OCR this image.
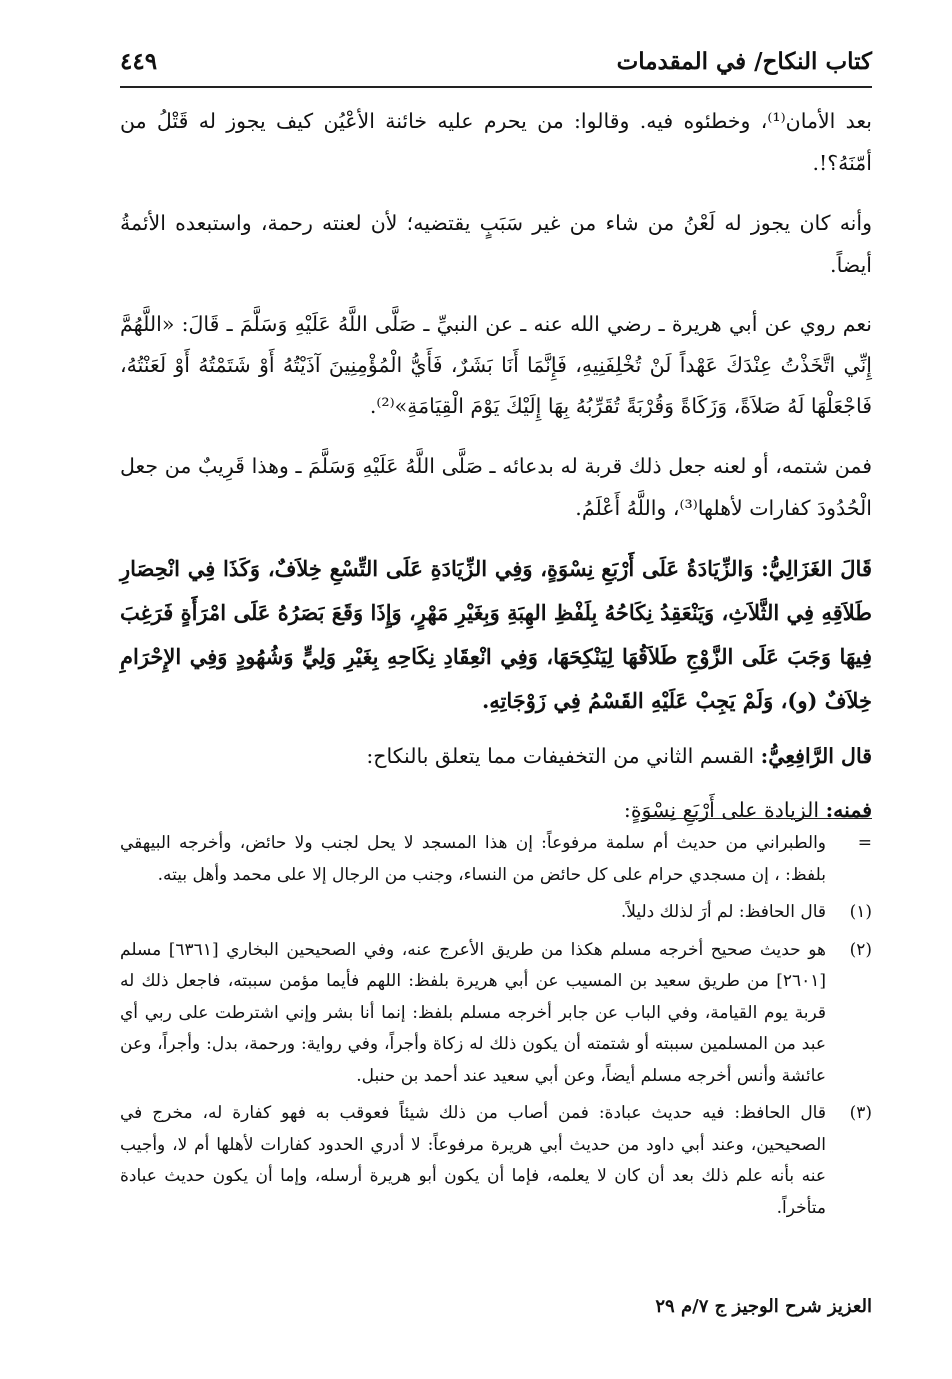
كتاب النكاح/ في المقدمات
٤٤٩

بعد الأمان⁽¹⁾، وخطئوه فيه. وقالوا: من يحرم عليه خائنة الأعْيُن كيف يجوز له قَتْلُ من أمّنَهُ؟!.

وأنه كان يجوز له لَعْنُ من شاء من غير سَبَبٍ يقتضيه؛ لأن لعنته رحمة، واستبعده الأئمةُ أيضاً.

نعم روي عن أبي هريرة ـ رضي الله عنه ـ عن النبيِّ ـ صَلَّى اللَّهُ عَلَيْهِ وَسَلَّمَ ـ قَالَ: «اللَّهُمَّ إِنِّي اتَّخَذْتُ عِنْدَكَ عَهْداً لَنْ تُخْلِفَنِيهِ، فَإِنَّمَا أَنَا بَشَرٌ، فَأَيُّ الْمُؤْمِنِينَ آذَيْتُهُ أَوْ شَتَمْتُهُ أَوْ لَعَنْتُهُ، فَاجْعَلْهَا لَهُ صَلاَةً، وَزَكَاةً وَقُرْبَةً تُقَرِّبُهُ بِهَا إِلَيْكَ يَوْمَ الْقِيَامَةِ»⁽²⁾.

فمن شتمه، أو لعنه جعل ذلك قربة له بدعائه ـ صَلَّى اللَّهُ عَلَيْهِ وَسَلَّمَ ـ وهذا قَرِيبٌ من جعل الْحُدُودَ كفارات لأهلها⁽³⁾، واللَّهُ أَعْلَمُ.

قَالَ الغَزَالِيُّ: وَالزِّيَادَةُ عَلَى أَرْبَعِ نِسْوَةٍ، وَفِي الزِّيَادَةِ عَلَى التِّسْعِ خِلاَفٌ، وَكَذَا فِي انْحِصَارِ طَلاَقِهِ فِي الثَّلاَثِ، وَيَنْعَقِدُ نِكَاحُهُ بِلَفْظِ الهِبَةِ وَبِغَيْرِ مَهْرٍ، وَإِذَا وَقَعَ بَصَرُهُ عَلَى امْرَأَةٍ فَرَغِبَ فِيهَا وَجَبَ عَلَى الزَّوْجِ طَلاَقُهَا لِيَنْكِحَهَا، وَفِي انْعِقَادِ نِكَاحِهِ بِغَيْرِ وَلِيٍّ وَشُهُودٍ وَفِي الإِحْرَامِ خِلاَفٌ (و)، وَلَمْ يَجِبْ عَلَيْهِ القَسْمُ فِي زَوْجَاتِهِ.

قال الرَّافِعِيُّ: القسم الثاني من التخفيفات مما يتعلق بالنكاح:

فمنه: الزيادة على أَرْبَعِ نِسْوَةٍ:

=
والطبراني من حديث أم سلمة مرفوعاً: إن هذا المسجد لا يحل لجنب ولا حائض، وأخرجه البيهقي بلفظ: ، إن مسجدي حرام على كل حائض من النساء، وجنب من الرجال إلا على محمد وأهل بيته.
(١)
قال الحافظ: لم أرَ لذلك دليلاً.
(٢)
هو حديث صحيح أخرجه مسلم هكذا من طريق الأعرج عنه، وفي الصحيحين البخاري [٦٣٦١] مسلم [٢٦٠١] من طريق سعيد بن المسيب عن أبي هريرة بلفظ: اللهم فأيما مؤمن سببته، فاجعل ذلك له قربة يوم القيامة، وفي الباب عن جابر أخرجه مسلم بلفظ: إنما أنا بشر وإني اشترطت على ربي أي عبد من المسلمين سببته أو شتمته أن يكون ذلك له زكاة وأجراً، وفي رواية: ورحمة، بدل: وأجراً، وعن عائشة وأنس أخرجه مسلم أيضاً، وعن أبي سعيد عند أحمد بن حنبل.
(٣)
قال الحافظ: فيه حديث عبادة: فمن أصاب من ذلك شيئاً فعوقب به فهو كفارة له، مخرج في الصحيحين، وعند أبي داود من حديث أبي هريرة مرفوعاً: لا أدري الحدود كفارات لأهلها أم لا، وأجيب عنه بأنه علم ذلك بعد أن كان لا يعلمه، فإما أن يكون أبو هريرة أرسله، وإما أن يكون حديث عبادة متأخراً.
العزيز شرح الوجيز ج ٧/م ٢٩
